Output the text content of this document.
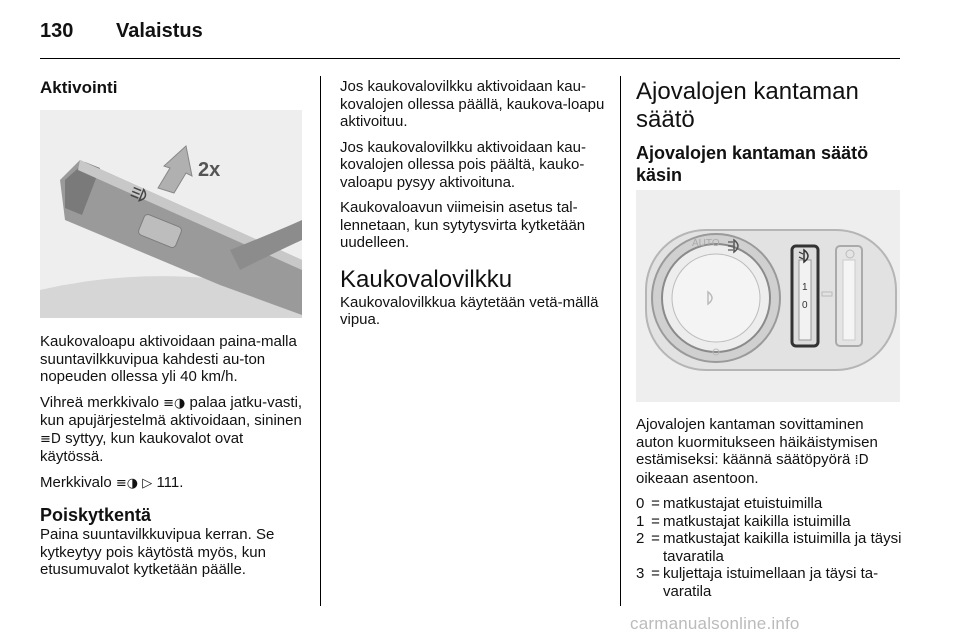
130 Valaistus
Aktivointi
2x

Kaukovaloapu aktivoidaan paina-malla suuntavilkkuvipua kahdesti au-ton nopeuden ollessa yli 40 km/h.

Vihreä merkkivalo ≡◑ palaa jatku-vasti, kun apujärjestelmä aktivoidaan, sininen ≡D syttyy, kun kaukovalot ovat käytössä.

Merkkivalo ≡◑ ▷ 111.

Poiskytkentä

Paina suuntavilkkuvipua kerran. Se kytkeytyy pois käytöstä myös, kun etusumuvalot kytketään päälle.

Jos kaukovalovilkku aktivoidaan kau-kovalojen ollessa päällä, kaukova-loapu aktivoituu.

Jos kaukovalovilkku aktivoidaan kau-kovalojen ollessa pois päältä, kauko-valoapu pysyy aktivoituna.

Kaukovaloavun viimeisin asetus tal-lennetaan, kun sytytysvirta kytketään uudelleen.

Kaukovalovilkku

Kaukovalovilkkua käytetään vetä-mällä vipua.

Ajovalojen kantaman säätö
Ajovalojen kantaman säätö käsin
AUTO
1
0

Ajovalojen kantaman sovittaminen auton kuormitukseen häikäistymisen estämiseksi: käännä säätöpyörä ⁞D oikeaan asentoon.

0 = matkustajat etuistuimilla
1 = matkustajat kaikilla istuimilla
2 = matkustajat kaikilla istuimilla ja täysi tavaratila
3 = kuljettaja istuimellaan ja täysi ta-varatila
carmanualsonline.info
